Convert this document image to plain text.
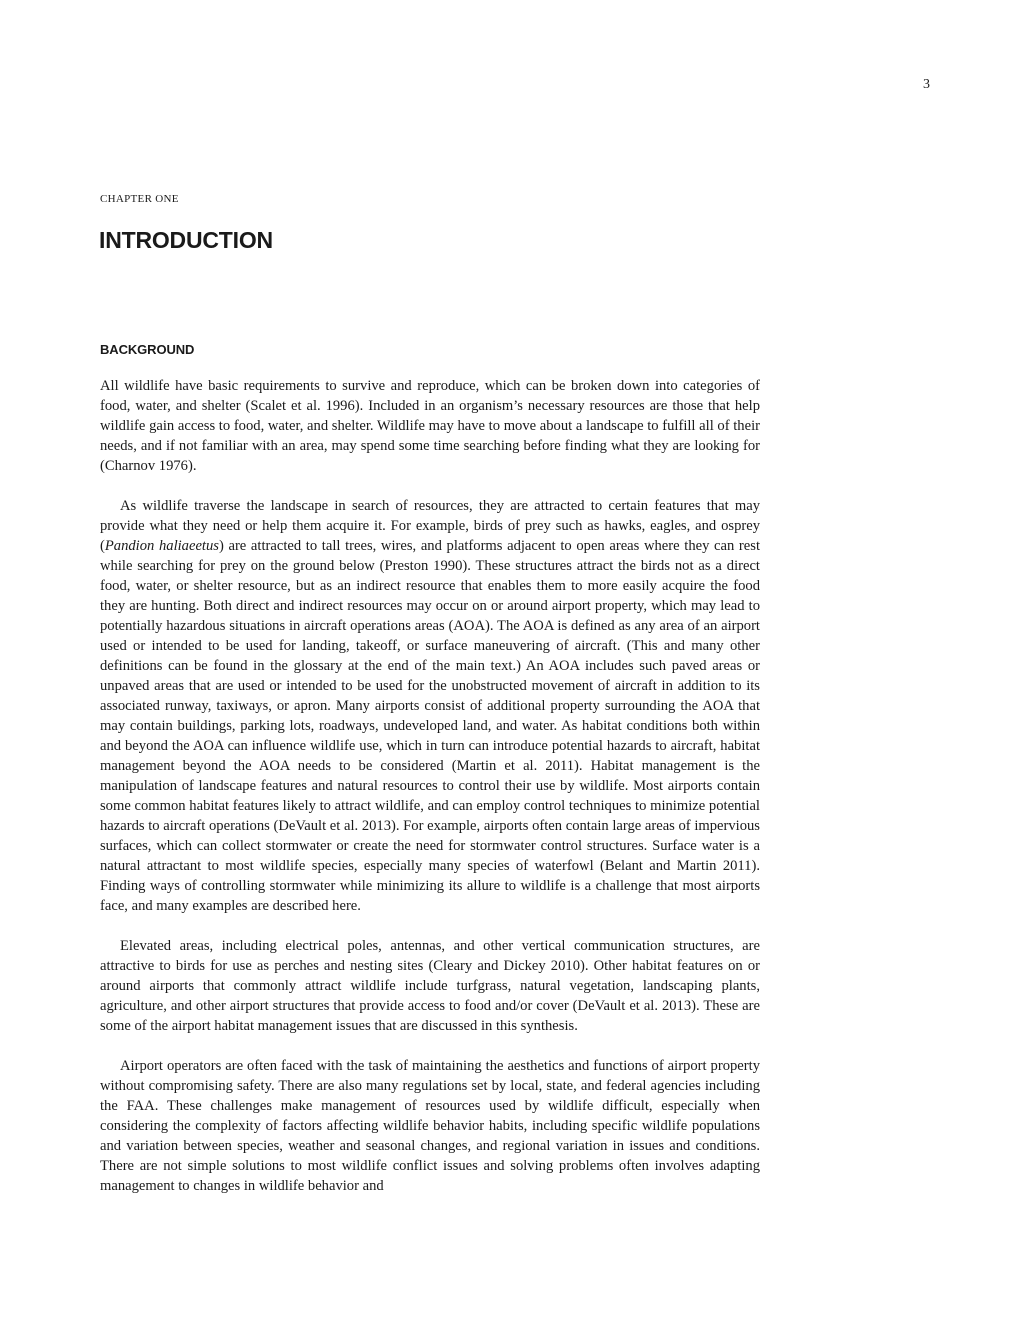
3
CHAPTER ONE
INTRODUCTION
BACKGROUND

All wildlife have basic requirements to survive and reproduce, which can be broken down into categories of food, water, and shelter (Scalet et al. 1996). Included in an organism’s necessary resources are those that help wildlife gain access to food, water, and shelter. Wildlife may have to move about a landscape to fulfill all of their needs, and if not familiar with an area, may spend some time searching before finding what they are looking for (Charnov 1976).

As wildlife traverse the landscape in search of resources, they are attracted to certain features that may provide what they need or help them acquire it. For example, birds of prey such as hawks, eagles, and osprey (Pandion haliaeetus) are attracted to tall trees, wires, and platforms adjacent to open areas where they can rest while searching for prey on the ground below (Preston 1990). These structures attract the birds not as a direct food, water, or shelter resource, but as an indirect resource that enables them to more easily acquire the food they are hunting. Both direct and indirect resources may occur on or around airport property, which may lead to potentially hazardous situations in aircraft operations areas (AOA). The AOA is defined as any area of an airport used or intended to be used for landing, takeoff, or surface maneuvering of aircraft. (This and many other definitions can be found in the glossary at the end of the main text.) An AOA includes such paved areas or unpaved areas that are used or intended to be used for the unobstructed movement of aircraft in addition to its associated runway, taxiways, or apron. Many airports consist of additional property surrounding the AOA that may contain buildings, parking lots, roadways, undeveloped land, and water. As habitat conditions both within and beyond the AOA can influence wildlife use, which in turn can introduce potential hazards to aircraft, habitat management beyond the AOA needs to be considered (Martin et al. 2011). Habitat management is the manipulation of landscape features and natural resources to control their use by wildlife. Most airports contain some common habitat features likely to attract wildlife, and can employ control techniques to minimize potential hazards to aircraft operations (DeVault et al. 2013). For example, airports often contain large areas of impervious surfaces, which can collect stormwater or create the need for stormwater control structures. Surface water is a natural attractant to most wildlife species, especially many species of waterfowl (Belant and Martin 2011). Finding ways of controlling stormwater while minimizing its allure to wildlife is a challenge that most airports face, and many examples are described here.

Elevated areas, including electrical poles, antennas, and other vertical communication structures, are attractive to birds for use as perches and nesting sites (Cleary and Dickey 2010). Other habitat features on or around airports that commonly attract wildlife include turfgrass, natural vegetation, landscaping plants, agriculture, and other airport structures that provide access to food and/or cover (DeVault et al. 2013). These are some of the airport habitat management issues that are discussed in this synthesis.

Airport operators are often faced with the task of maintaining the aesthetics and functions of airport property without compromising safety. There are also many regulations set by local, state, and federal agencies including the FAA. These challenges make management of resources used by wildlife difficult, especially when considering the complexity of factors affecting wildlife behavior habits, including specific wildlife populations and variation between species, weather and seasonal changes, and regional variation in issues and conditions. There are not simple solutions to most wildlife conflict issues and solving problems often involves adapting management to changes in wildlife behavior and
